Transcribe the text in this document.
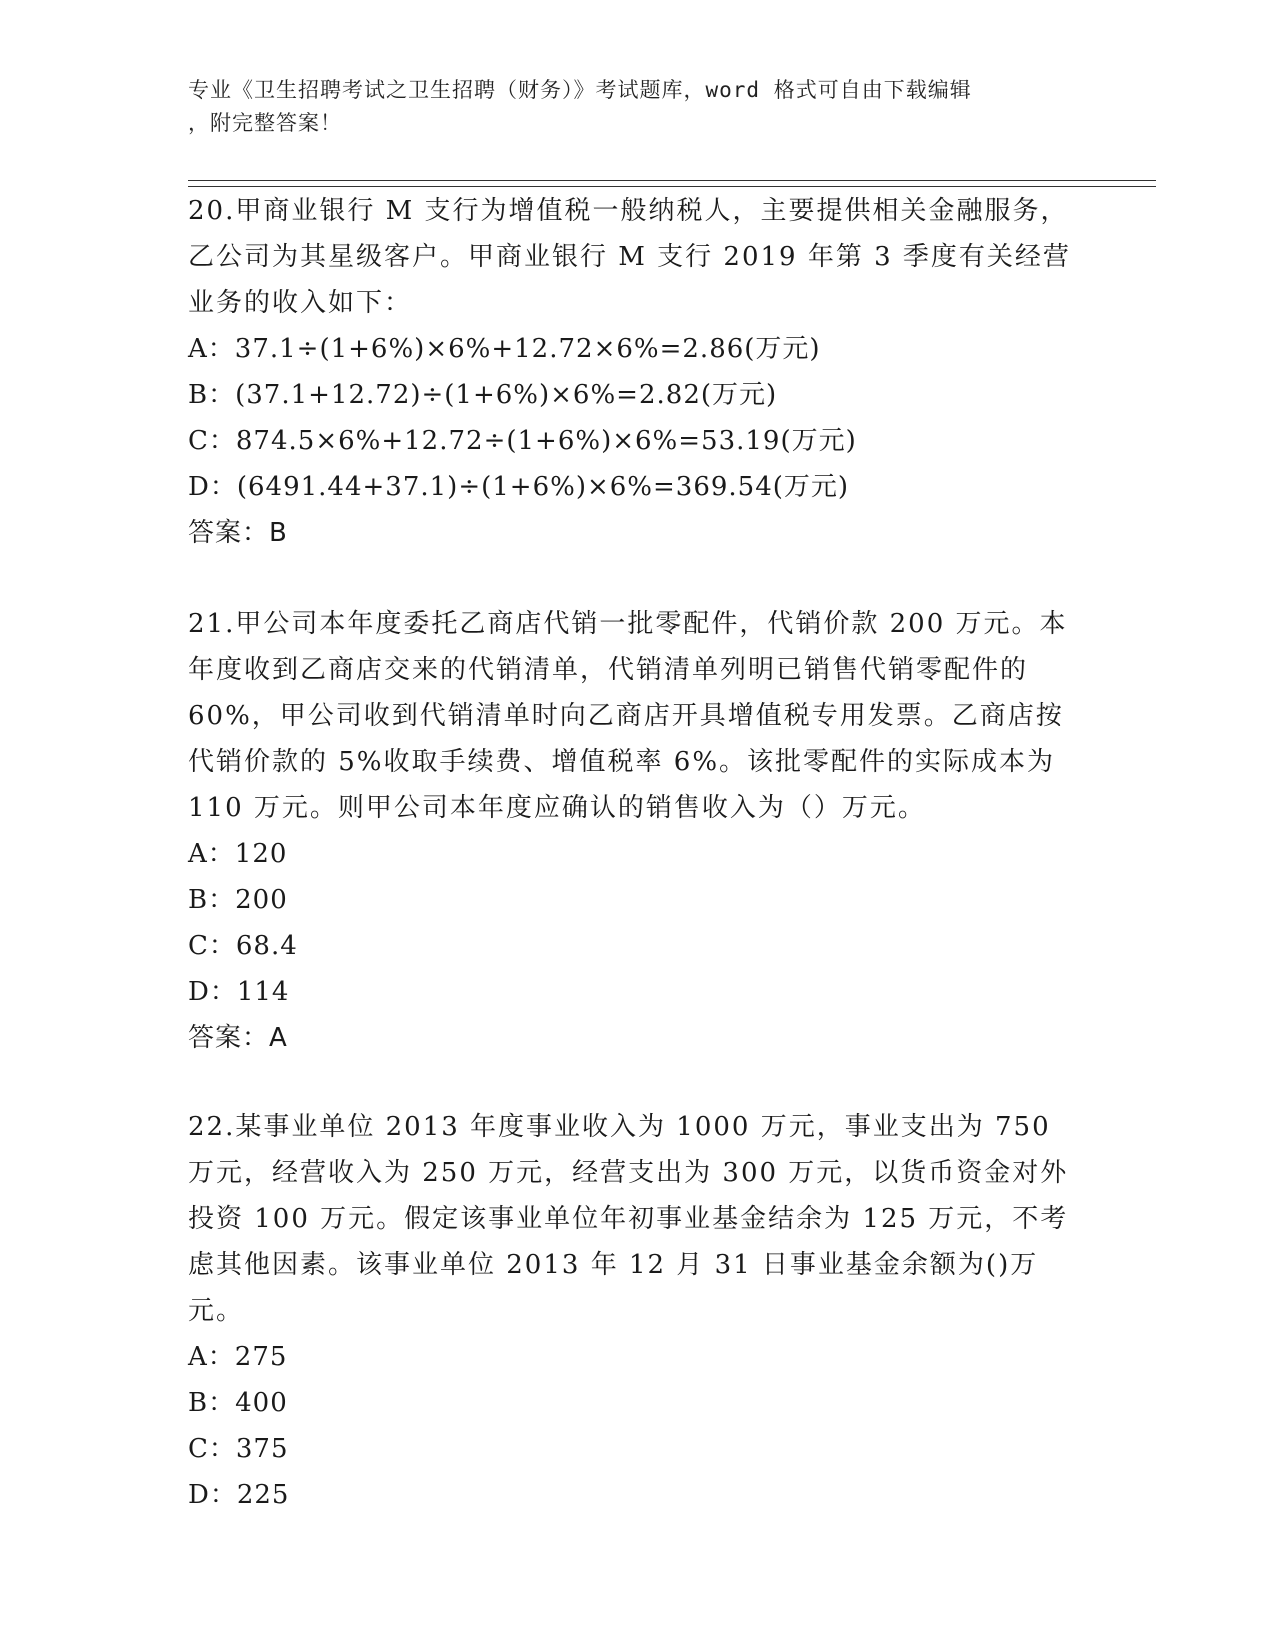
专业《卫生招聘考试之卫生招聘（财务）》考试题库，word 格式可自由下载编辑
，附完整答案！

20.甲商业银行 M 支行为增值税一般纳税人，主要提供相关金融服务，乙公司为其星级客户。甲商业银行 M 支行 2019 年第 3 季度有关经营业务的收入如下：

A：37.1÷(1+6%)×6%+12.72×6%=2.86(万元)
B：(37.1+12.72)÷(1+6%)×6%=2.82(万元)
C：874.5×6%+12.72÷(1+6%)×6%=53.19(万元)
D：(6491.44+37.1)÷(1+6%)×6%=369.54(万元)
答案：B

21.甲公司本年度委托乙商店代销一批零配件，代销价款 200 万元。本年度收到乙商店交来的代销清单，代销清单列明已销售代销零配件的 60%，甲公司收到代销清单时向乙商店开具增值税专用发票。乙商店按代销价款的 5%收取手续费、增值税率 6%。该批零配件的实际成本为 110 万元。则甲公司本年度应确认的销售收入为（）万元。

A：120
B：200
C：68.4
D：114
答案：A

22.某事业单位 2013 年度事业收入为 1000 万元，事业支出为 750 万元，经营收入为 250 万元，经营支出为 300 万元，以货币资金对外投资 100 万元。假定该事业单位年初事业基金结余为 125 万元，不考虑其他因素。该事业单位 2013 年 12 月 31 日事业基金余额为()万元。

A：275
B：400
C：375
D：225
